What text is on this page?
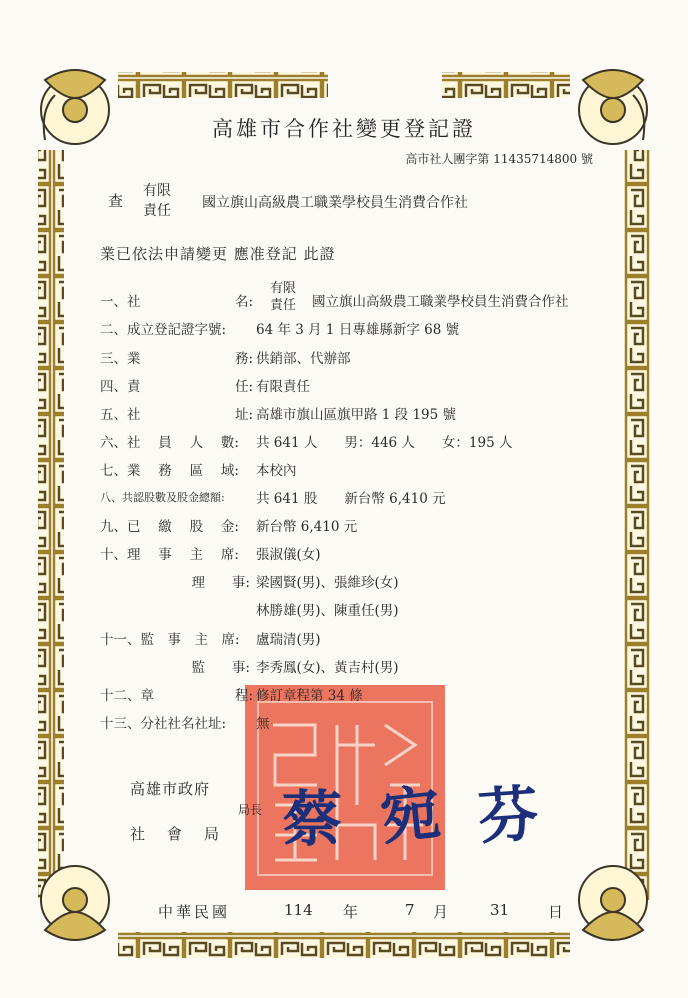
高雄市合作社變更登記證
高市社人團字第 11435714800 號
查
有限
責任 國立旗山高級農工職業學校員生消費合作社
業已依法申請變更 應准登記 此證
一、社　　　　　　　名:
有限
責任 國立旗山高級農工職業學校員生消費合作社
二、成立登記證字號: 64 年 3 月 1 日專雄縣新字 68 號
三、業　　　　　　　務: 供銷部、代辦部
四、責　　　　　　　任: 有限責任
五、社　　　　　　　址: 高雄市旗山區旗甲路 1 段 195 號
六、社　 員　 人　 數: 共 641 人　　男：446 人　　女：195 人
七、業　 務　 區　 域: 本校內
八、共認股數及股金總額: 共 641 股　　新台幣 6,410 元
九、已　 繳　 股　 金: 新台幣 6,410 元
十、理　 事　 主　 席: 張淑儀(女)
理　　事: 梁國賢(男)、張維珍(女)
林勝雄(男)、陳重任(男)
十一、監　事　主　席: 盧瑞清(男)
監　　事: 李秀鳳(女)、黃吉村(男)
十二、章　　　　　　程: 修訂章程第 34 條
十三、分社社名社址: 無
高雄市政府
社會局
局長 蔡 宛 芬
中華民國	114 年	7 月	31	日
